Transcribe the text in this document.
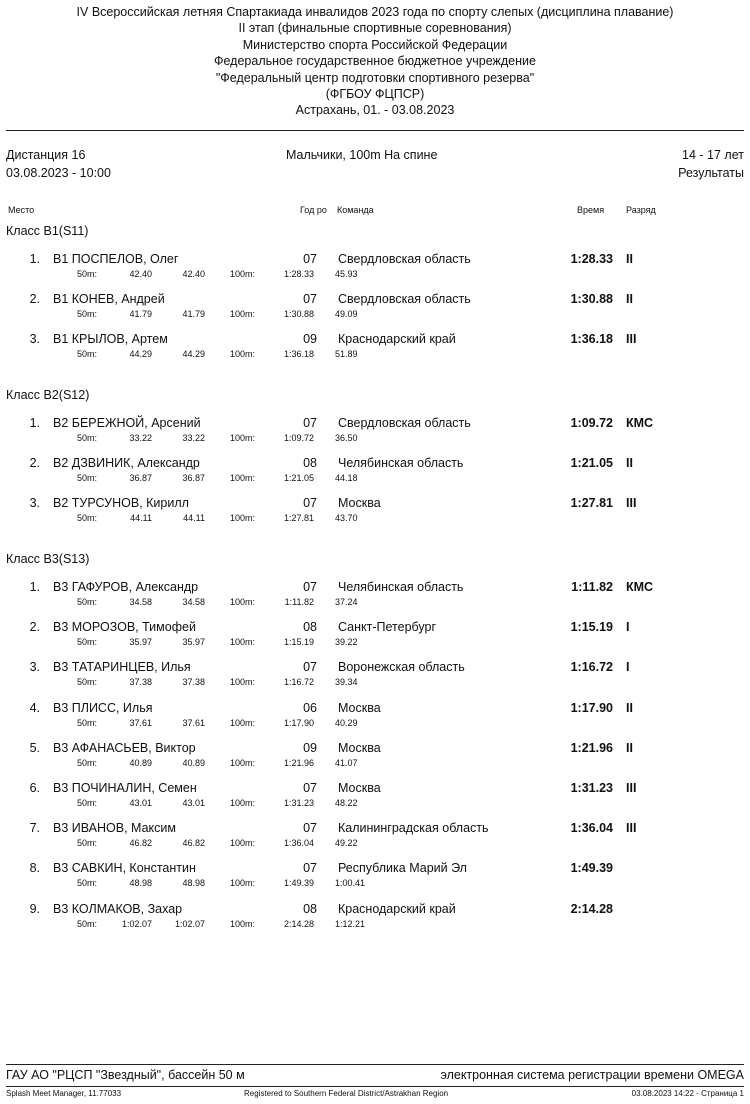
IV Всероссийская летняя Спартакиада инвалидов 2023 года по спорту слепых (дисциплина плавание)
II этап (финальные спортивные соревнования)
Министерство спорта Российской Федерации
Федеральное государственное бюджетное учреждение
"Федеральный центр подготовки спортивного резерва"
(ФГБОУ ФЦПСР)
Астрахань, 01. - 03.08.2023
Дистанция 16
03.08.2023 - 10:00
Мальчики, 100m На спине	14 - 17 лет
Результаты
Место	Год ро Команда	Время Разряд
Класс B1(S11)
1. B1 ПОСПЕЛОВ, Олег	07 Свердловская область	1:28.33 II
50m:	42.40	42.40	100m:	1:28.33 45.93
2. B1 КОНЕВ, Андрей	07 Свердловская область	1:30.88 II
50m:	41.79	41.79	100m:	1:30.88 49.09
3. B1 КРЫЛОВ, Артем	09 Краснодарский край	1:36.18 III
50m:	44.29	44.29	100m:	1:36.18 51.89
Класс B2(S12)
1. B2 БЕРЕЖНОЙ, Арсений	07 Свердловская область	1:09.72 КМС
50m:	33.22	33.22	100m:	1:09.72 36.50
2. B2 ДЗВИНИК, Александр	08 Челябинская область	1:21.05 II
50m:	36.87	36.87	100m:	1:21.05 44.18
3. B2 ТУРСУНОВ, Кирилл	07 Москва	1:27.81 III
50m:	44.11	44.11	100m:	1:27.81 43.70
Класс B3(S13)
1. B3 ГАФУРОВ, Александр	07 Челябинская область	1:11.82 КМС
50m:	34.58	34.58	100m:	1:11.82 37.24
2. B3 МОРОЗОВ, Тимофей	08 Санкт-Петербург	1:15.19 I
50m:	35.97	35.97	100m:	1:15.19 39.22
3. B3 ТАТАРИНЦЕВ, Илья	07 Воронежская область	1:16.72 I
50m:	37.38	37.38	100m:	1:16.72 39.34
4. B3 ПЛИСС, Илья	06 Москва	1:17.90 II
50m:	37.61	37.61	100m:	1:17.90 40.29
5. B3 АФАНАСЬЕВ, Виктор	09 Москва	1:21.96 II
50m:	40.89	40.89	100m:	1:21.96 41.07
6. B3 ПОЧИНАЛИН, Семен	07 Москва	1:31.23 III
50m:	43.01	43.01	100m:	1:31.23 48.22
7. B3 ИВАНОВ, Максим	07 Калининградская область	1:36.04 III
50m:	46.82	46.82	100m:	1:36.04 49.22
8. B3 САВКИН, Константин	07 Республика Марий Эл	1:49.39
50m:	48.98	48.98	100m:	1:49.39 1:00.41
9. B3 КОЛМАКОВ, Захар	08 Краснодарский край	2:14.28
50m:	1:02.07	1:02.07	100m:	2:14.28 1:12.21
ГАУ АО "РЦСП "Звездный", бассейн 50 м	электронная система регистрации времени OMEGA
Splash Meet Manager, 11.77033	Registered to Southern Federal District/Astrakhan Region	03.08.2023 14:22 - Страница 1
